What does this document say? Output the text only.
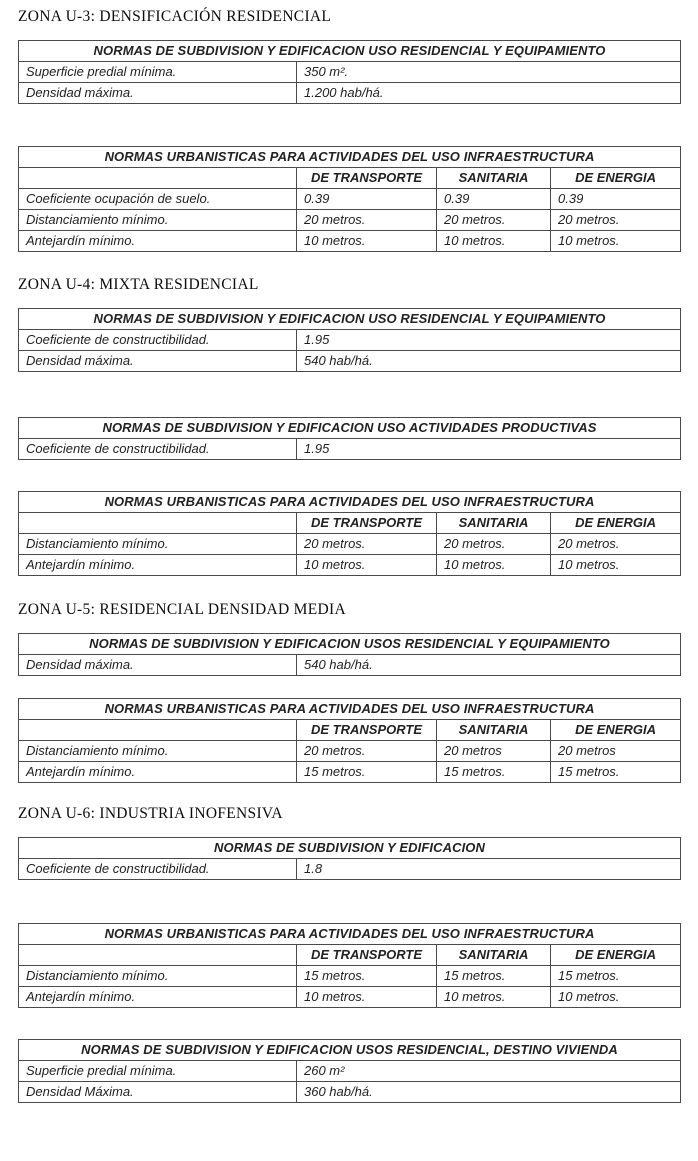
ZONA U-3: DENSIFICACIÓN RESIDENCIAL
NORMAS DE SUBDIVISION Y EDIFICACION USO RESIDENCIAL Y EQUIPAMIENTO	
Superficie predial mínima.	350 m².
Densidad máxima.	1.200 hab/há.
NORMAS URBANISTICAS PARA ACTIVIDADES DEL USO INFRAESTRUCTURA			
	DE TRANSPORTE	SANITARIA	DE ENERGIA
Coeficiente ocupación de suelo.	0.39	0.39	0.39
Distanciamiento mínimo.	20 metros.	20 metros.	20 metros.
Antejardín mínimo.	10 metros.	10 metros.	10 metros.
ZONA U-4: MIXTA RESIDENCIAL
NORMAS DE SUBDIVISION Y EDIFICACION USO RESIDENCIAL Y EQUIPAMIENTO	
Coeficiente de constructibilidad.	1.95
Densidad máxima.	540 hab/há.
NORMAS DE SUBDIVISION Y EDIFICACION USO ACTIVIDADES PRODUCTIVAS
Coeficiente de constructibilidad.	1.95
NORMAS URBANISTICAS PARA ACTIVIDADES DEL USO INFRAESTRUCTURA			
	DE TRANSPORTE	SANITARIA	DE ENERGIA
Distanciamiento mínimo.	20 metros.	20 metros.	20 metros.
Antejardín mínimo.	10 metros.	10 metros.	10 metros.
ZONA U-5: RESIDENCIAL DENSIDAD MEDIA
NORMAS DE SUBDIVISION Y EDIFICACION USOS RESIDENCIAL Y EQUIPAMIENTO
Densidad máxima.	540 hab/há.
NORMAS URBANISTICAS PARA ACTIVIDADES DEL USO INFRAESTRUCTURA			
	DE TRANSPORTE	SANITARIA	DE ENERGIA
Distanciamiento mínimo.	20 metros.	20 metros	20 metros
Antejardín mínimo.	15 metros.	15 metros.	15 metros.
ZONA U-6: INDUSTRIA INOFENSIVA
NORMAS DE SUBDIVISION Y EDIFICACION
Coeficiente de constructibilidad.	1.8
NORMAS URBANISTICAS PARA ACTIVIDADES DEL USO INFRAESTRUCTURA			
	DE TRANSPORTE	SANITARIA	DE ENERGIA
Distanciamiento mínimo.	15 metros.	15 metros.	15 metros.
Antejardín mínimo.	10 metros.	10 metros.	10 metros.
NORMAS DE SUBDIVISION Y EDIFICACION USOS RESIDENCIAL, DESTINO VIVIENDA	
Superficie predial mínima.	260 m²
Densidad Máxima.	360 hab/há.
